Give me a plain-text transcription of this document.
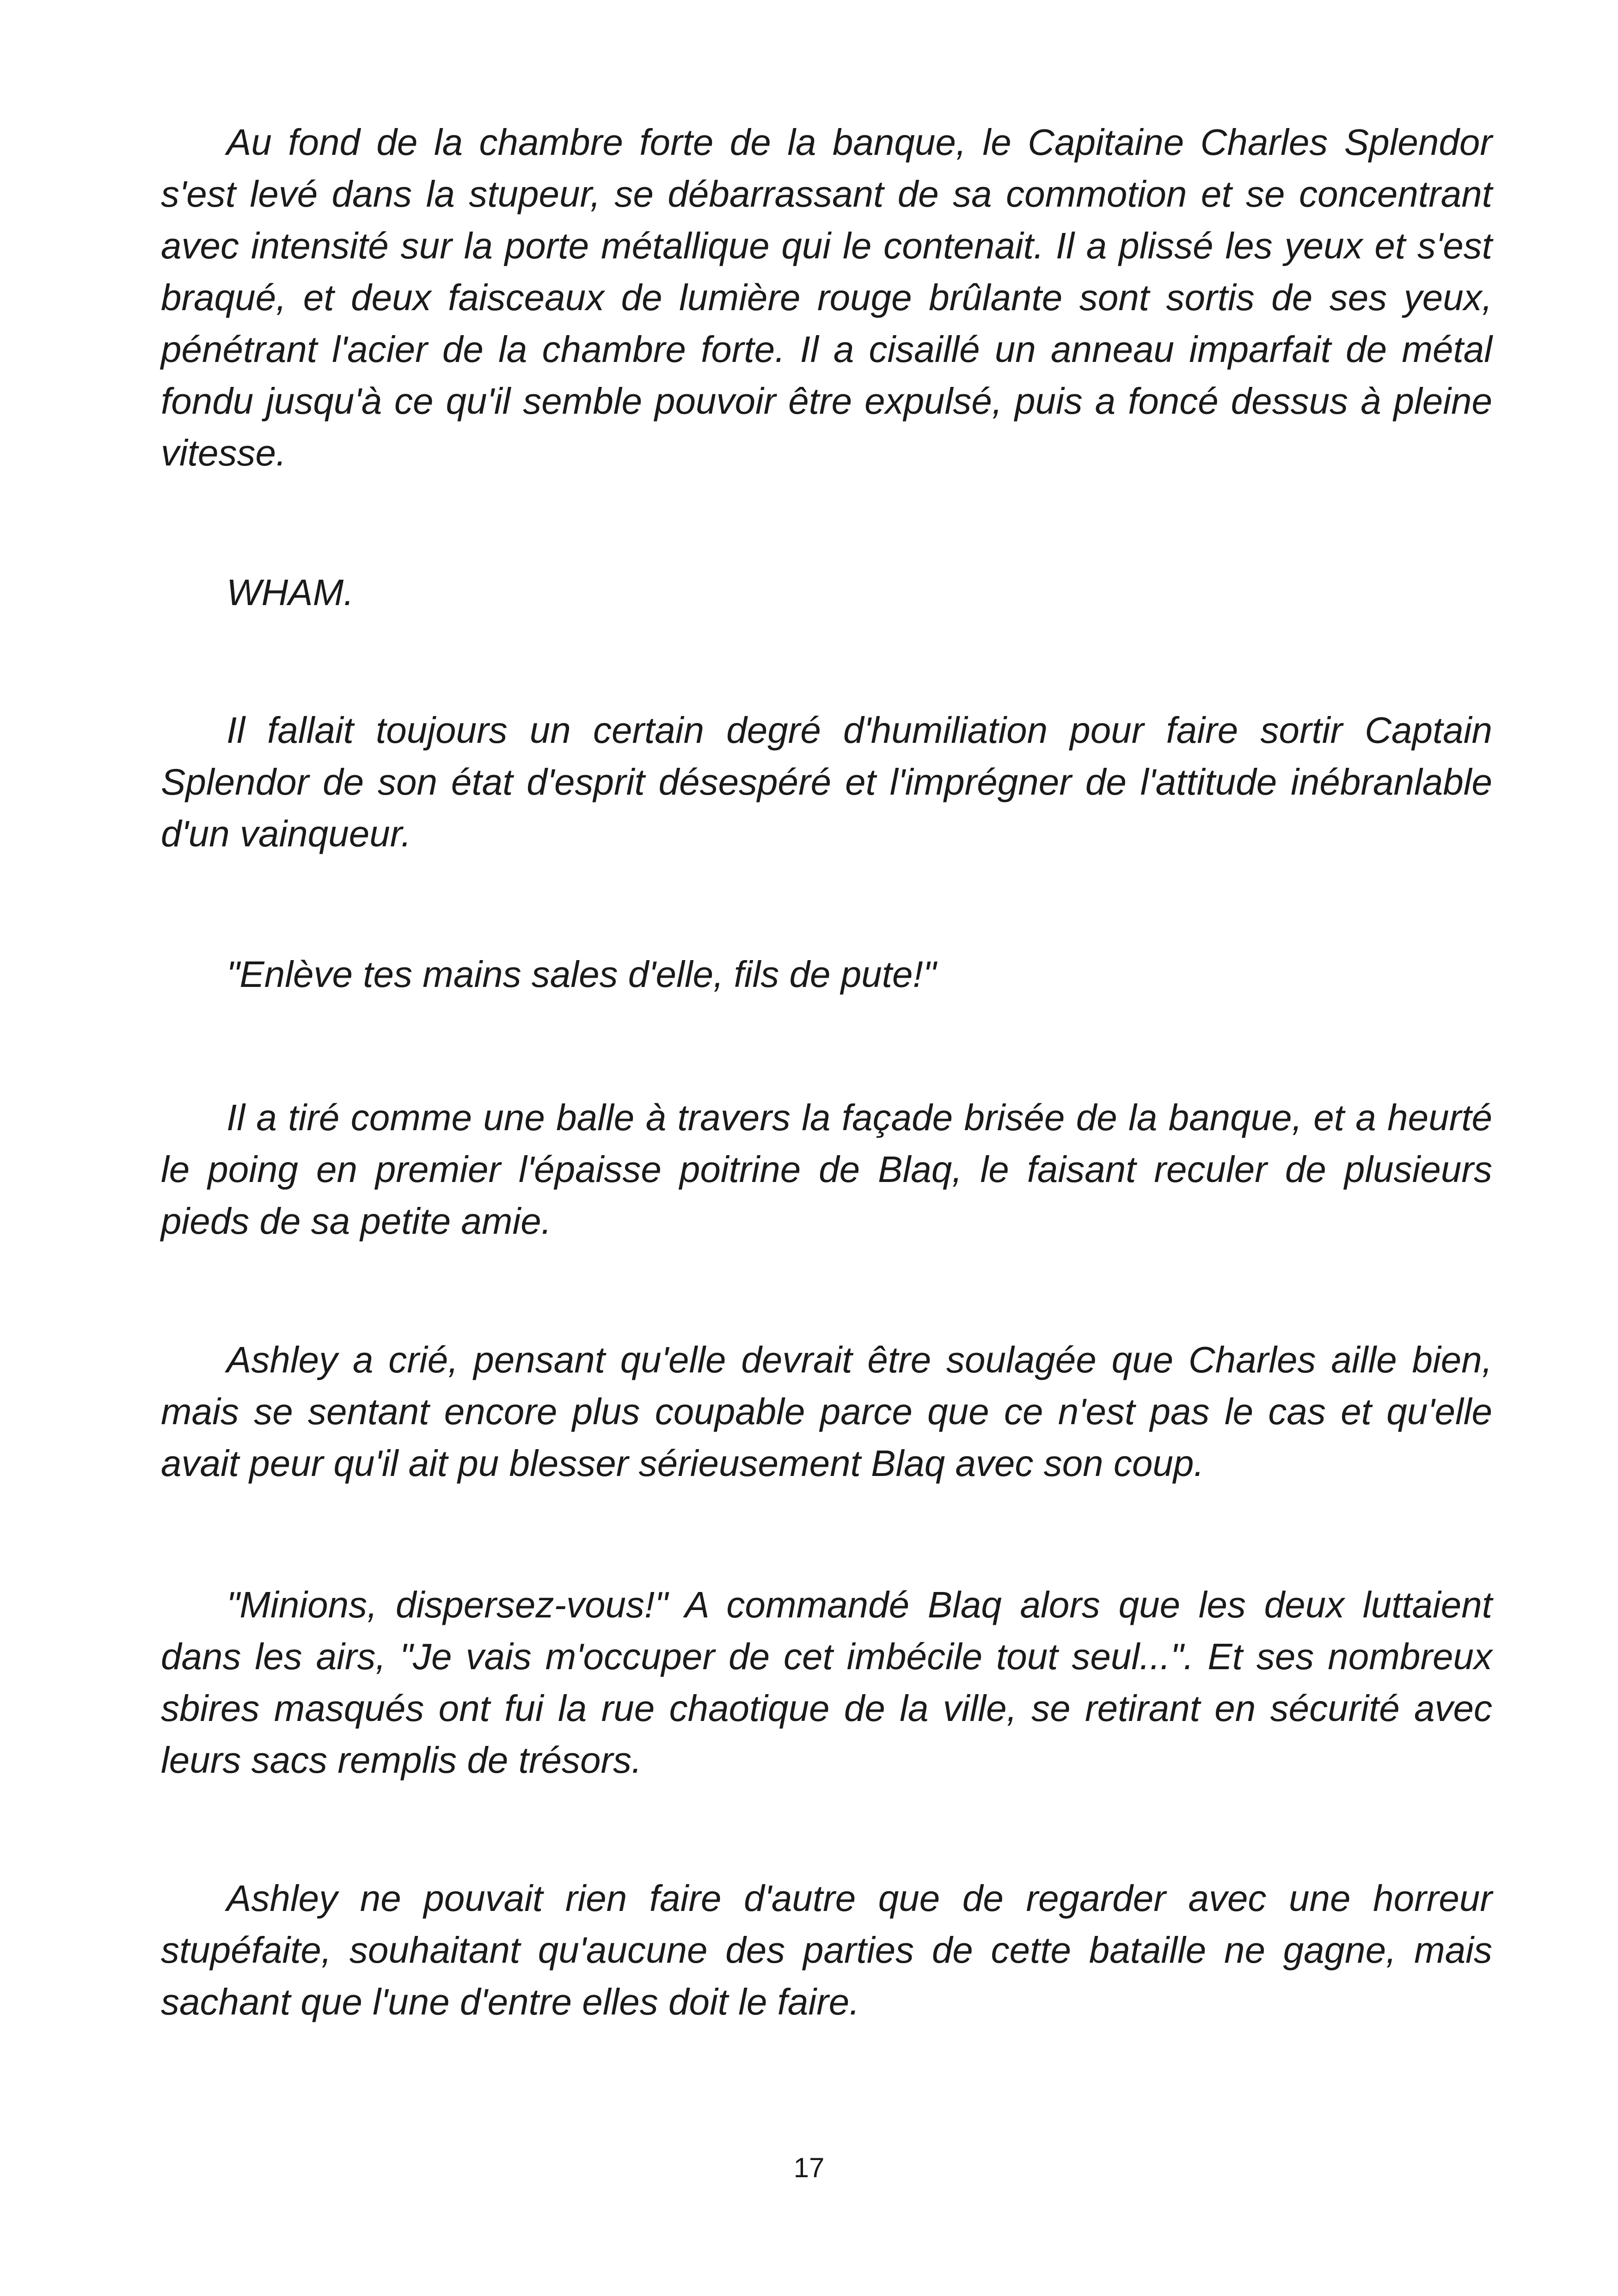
Au fond de la chambre forte de la banque, le Capitaine Charles Splendor s'est levé dans la stupeur, se débarrassant de sa commotion et se concentrant avec intensité sur la porte métallique qui le contenait. Il a plissé les yeux et s'est braqué, et deux faisceaux de lumière rouge brûlante sont sortis de ses yeux, pénétrant l'acier de la chambre forte. Il a cisaillé un anneau imparfait de métal fondu jusqu'à ce qu'il semble pouvoir être expulsé, puis a foncé dessus à pleine vitesse.

WHAM.

Il fallait toujours un certain degré d'humiliation pour faire sortir Captain Splendor de son état d'esprit désespéré et l'imprégner de l'attitude inébranlable d'un vainqueur.

"Enlève tes mains sales d'elle, fils de pute!"

Il a tiré comme une balle à travers la façade brisée de la banque, et a heurté le poing en premier l'épaisse poitrine de Blaq, le faisant reculer de plusieurs pieds de sa petite amie.

Ashley a crié, pensant qu'elle devrait être soulagée que Charles aille bien, mais se sentant encore plus coupable parce que ce n'est pas le cas et qu'elle avait peur qu'il ait pu blesser sérieusement Blaq avec son coup.

"Minions, dispersez-vous!" A commandé Blaq alors que les deux luttaient dans les airs, "Je vais m'occuper de cet imbécile tout seul...". Et ses nombreux sbires masqués ont fui la rue chaotique de la ville, se retirant en sécurité avec leurs sacs remplis de trésors.

Ashley ne pouvait rien faire d'autre que de regarder avec une horreur stupéfaite, souhaitant qu'aucune des parties de cette bataille ne gagne, mais sachant que l'une d'entre elles doit le faire.

17
